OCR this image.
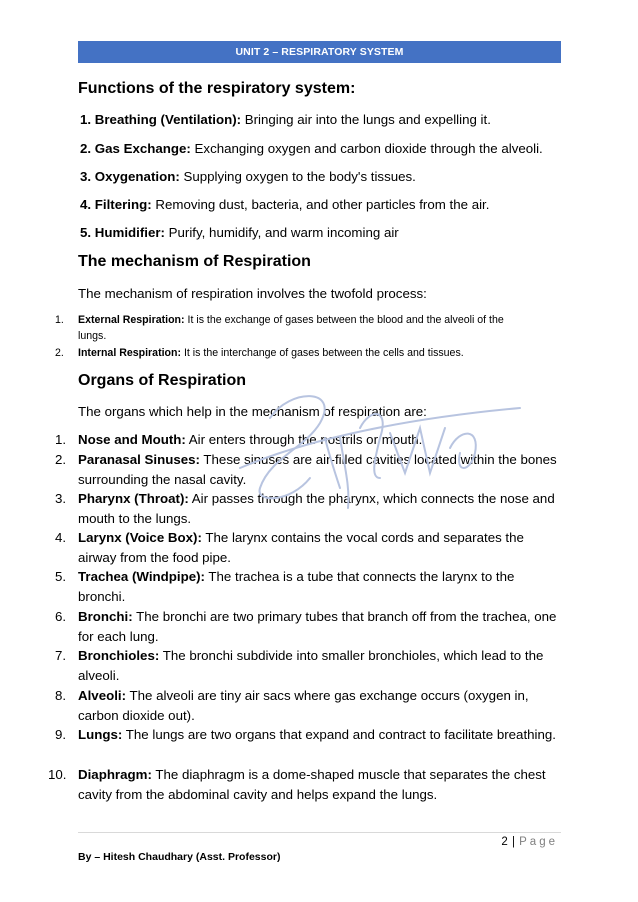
UNIT 2 – RESPIRATORY SYSTEM
Functions of the respiratory system:
1. Breathing (Ventilation): Bringing air into the lungs and expelling it.
2. Gas Exchange: Exchanging oxygen and carbon dioxide through the alveoli.
3. Oxygenation: Supplying oxygen to the body's tissues.
4. Filtering: Removing dust, bacteria, and other particles from the air.
5. Humidifier: Purify, humidify, and warm incoming air
The mechanism of Respiration
The mechanism of respiration involves the twofold process:
1. External Respiration: It is the exchange of gases between the blood and the alveoli of the
lungs.
2. Internal Respiration: It is the interchange of gases between the cells and tissues.
Organs of Respiration
The organs which help in the mechanism of respiration are:
1. Nose and Mouth: Air enters through the nostrils or mouth.
2. Paranasal Sinuses: These sinuses are air-filled cavities located within the bones surrounding the nasal cavity.
3. Pharynx (Throat): Air passes through the pharynx, which connects the nose and mouth to the lungs.
4. Larynx (Voice Box): The larynx contains the vocal cords and separates the airway from the food pipe.
5. Trachea (Windpipe): The trachea is a tube that connects the larynx to the bronchi.
6. Bronchi: The bronchi are two primary tubes that branch off from the trachea, one for each lung.
7. Bronchioles: The bronchi subdivide into smaller bronchioles, which lead to the alveoli.
8. Alveoli: The alveoli are tiny air sacs where gas exchange occurs (oxygen in, carbon dioxide out).
9. Lungs: The lungs are two organs that expand and contract to facilitate breathing.
10. Diaphragm: The diaphragm is a dome-shaped muscle that separates the chest cavity from the abdominal cavity and helps expand the lungs.
2 | Page
By – Hitesh Chaudhary (Asst. Professor)
